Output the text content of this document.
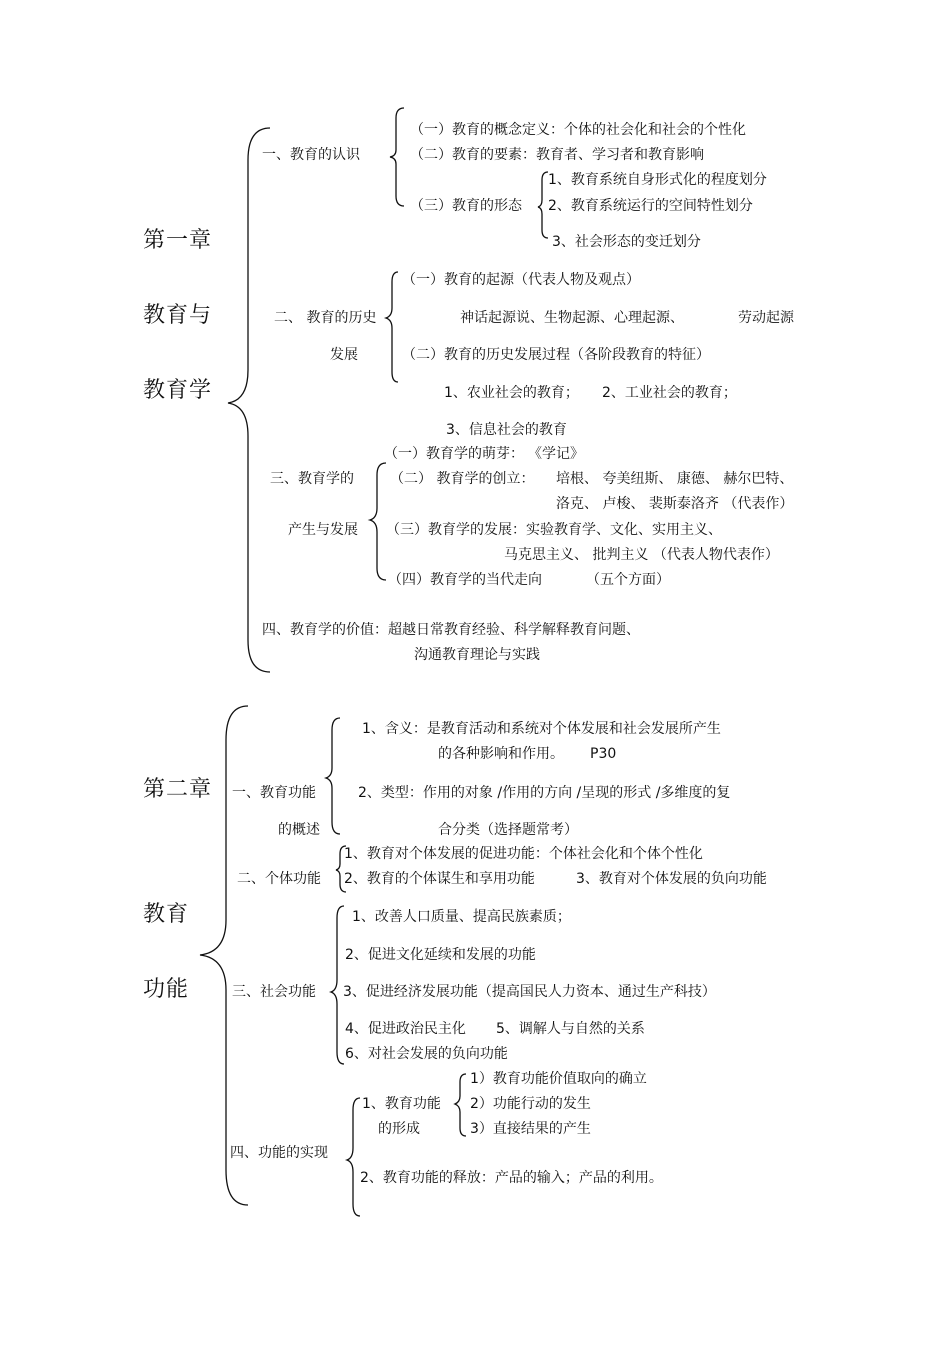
第一章
教育与
教育学
一、教育的认识
（一）教育的概念定义：个体的社会化和社会的个性化
（二）教育的要素：教育者、学习者和教育影响
（三）教育的形态
1、教育系统自身形式化的程度划分
2、教育系统运行的空间特性划分
3、社会形态的变迁划分
二、 教育的历史
发展
（一）教育的起源（代表人物及观点）
神话起源说、生物起源、心理起源、	劳动起源
（二）教育的历史发展过程（各阶段教育的特征）
1、农业社会的教育； 2、工业社会的教育；
3、信息社会的教育
三、教育学的
产生与发展
（一）教育学的萌芽： 《学记》
（二） 教育学的创立： 培根、 夸美纽斯、 康德、 赫尔巴特、
洛克、 卢梭、 裴斯泰洛齐 （代表作）
（三）教育学的发展：实验教育学、文化、实用主义、
马克思主义、 批判主义 （代表人物代表作）
（四）教育学的当代走向	（五个方面）
四、教育学的价值：超越日常教育经验、科学解释教育问题、
沟通教育理论与实践
第二章
教育
功能
一、教育功能
的概述
1、含义：是教育活动和系统对个体发展和社会发展所产生
的各种影响和作用。 P30
2、类型：作用的对象 /作用的方向 /呈现的形式 /多维度的复
合分类（选择题常考）
二、个体功能
1、教育对个体发展的促进功能：个体社会化和个体个性化
2、教育的个体谋生和享用功能	3、教育对个体发展的负向功能
三、社会功能
1、改善人口质量、提高民族素质；
2、促进文化延续和发展的功能
3、促进经济发展功能（提高国民人力资本、通过生产科技）
4、促进政治民主化 5、调解人与自然的关系
6、对社会发展的负向功能
四、功能的实现
1、教育功能
的形成
1）教育功能价值取向的确立
2）功能行动的发生
3）直接结果的产生
2、教育功能的释放：产品的输入；产品的利用。
